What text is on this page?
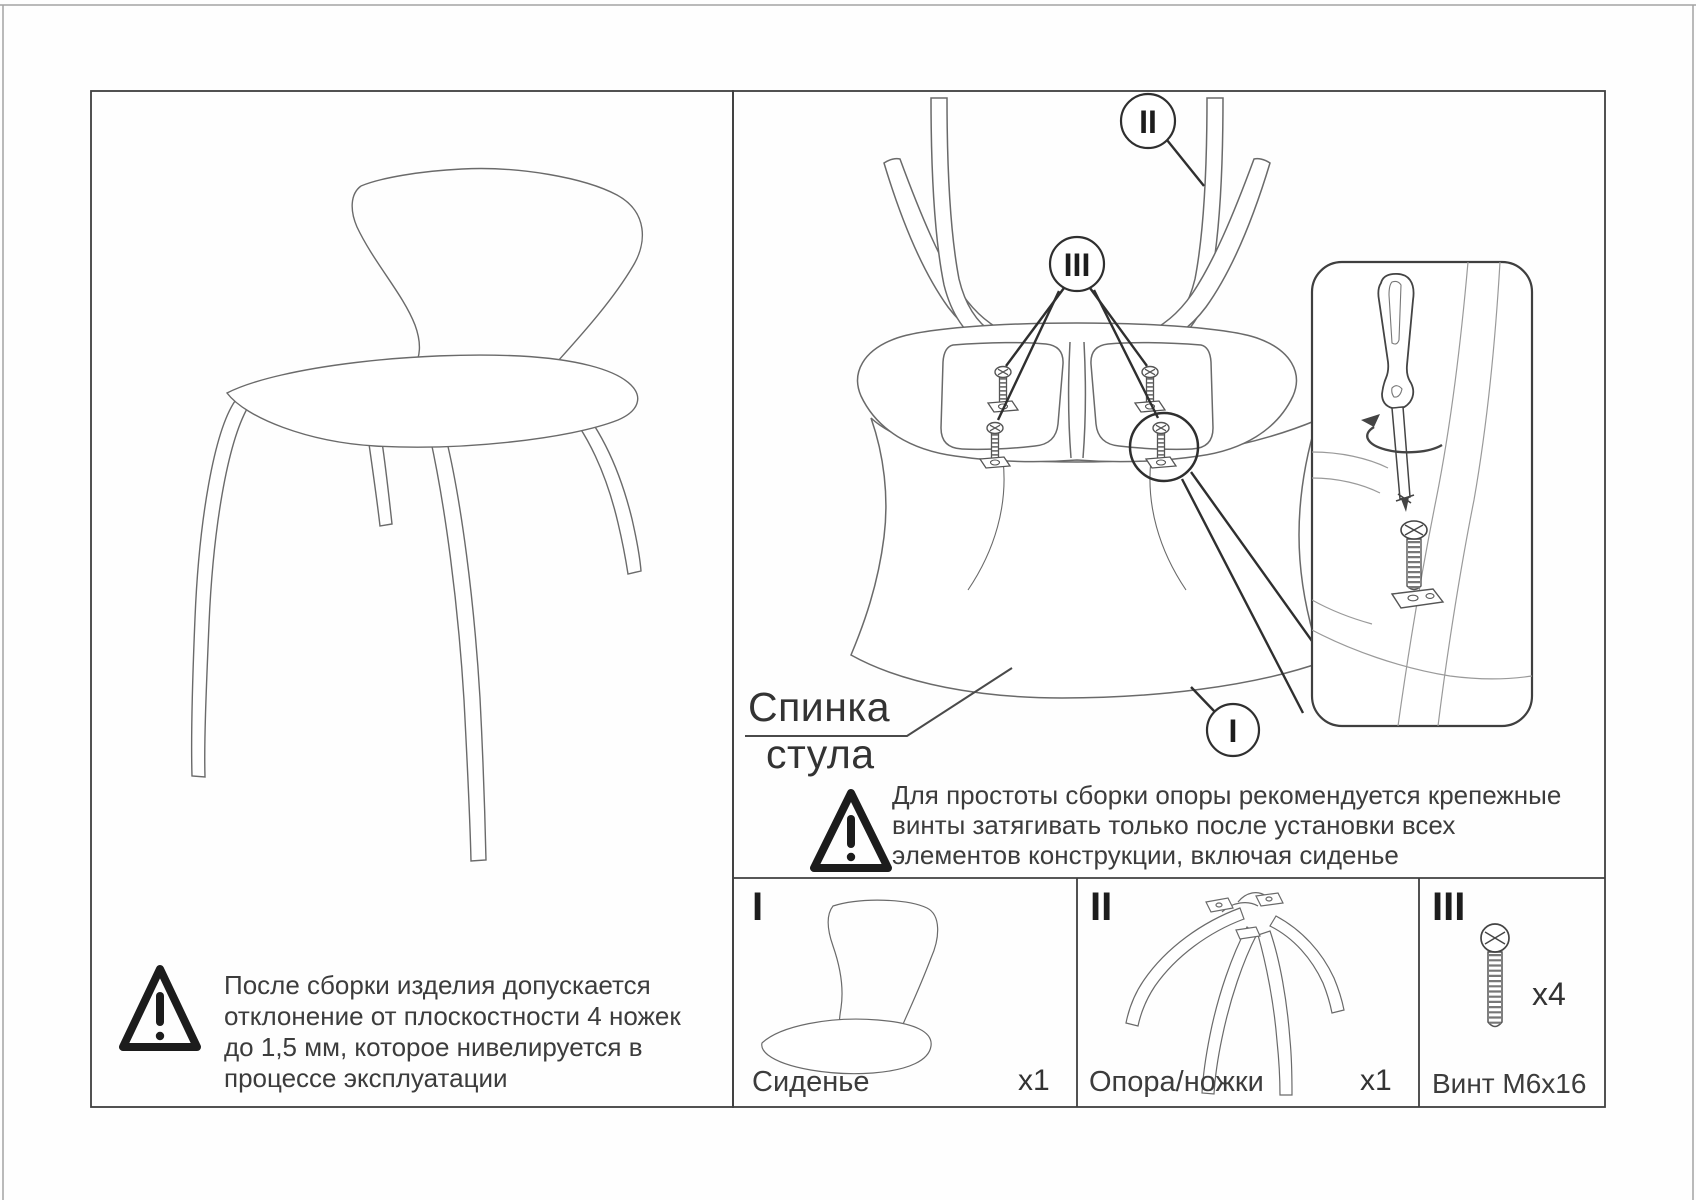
II
III
I
I	II	III
После сборки изделия допускается
отклонение от плоскостности 4 ножек
до 1,5 мм, которое нивелируется в
процессе эксплуатации
Спинка
стула
Для простоты сборки опоры рекомендуется крепежные
винты затягивать только после установки всех
элементов конструкции, включая сиденье
Сиденье	x1 Опора/ножки	x1 Винт M6x16
x4
